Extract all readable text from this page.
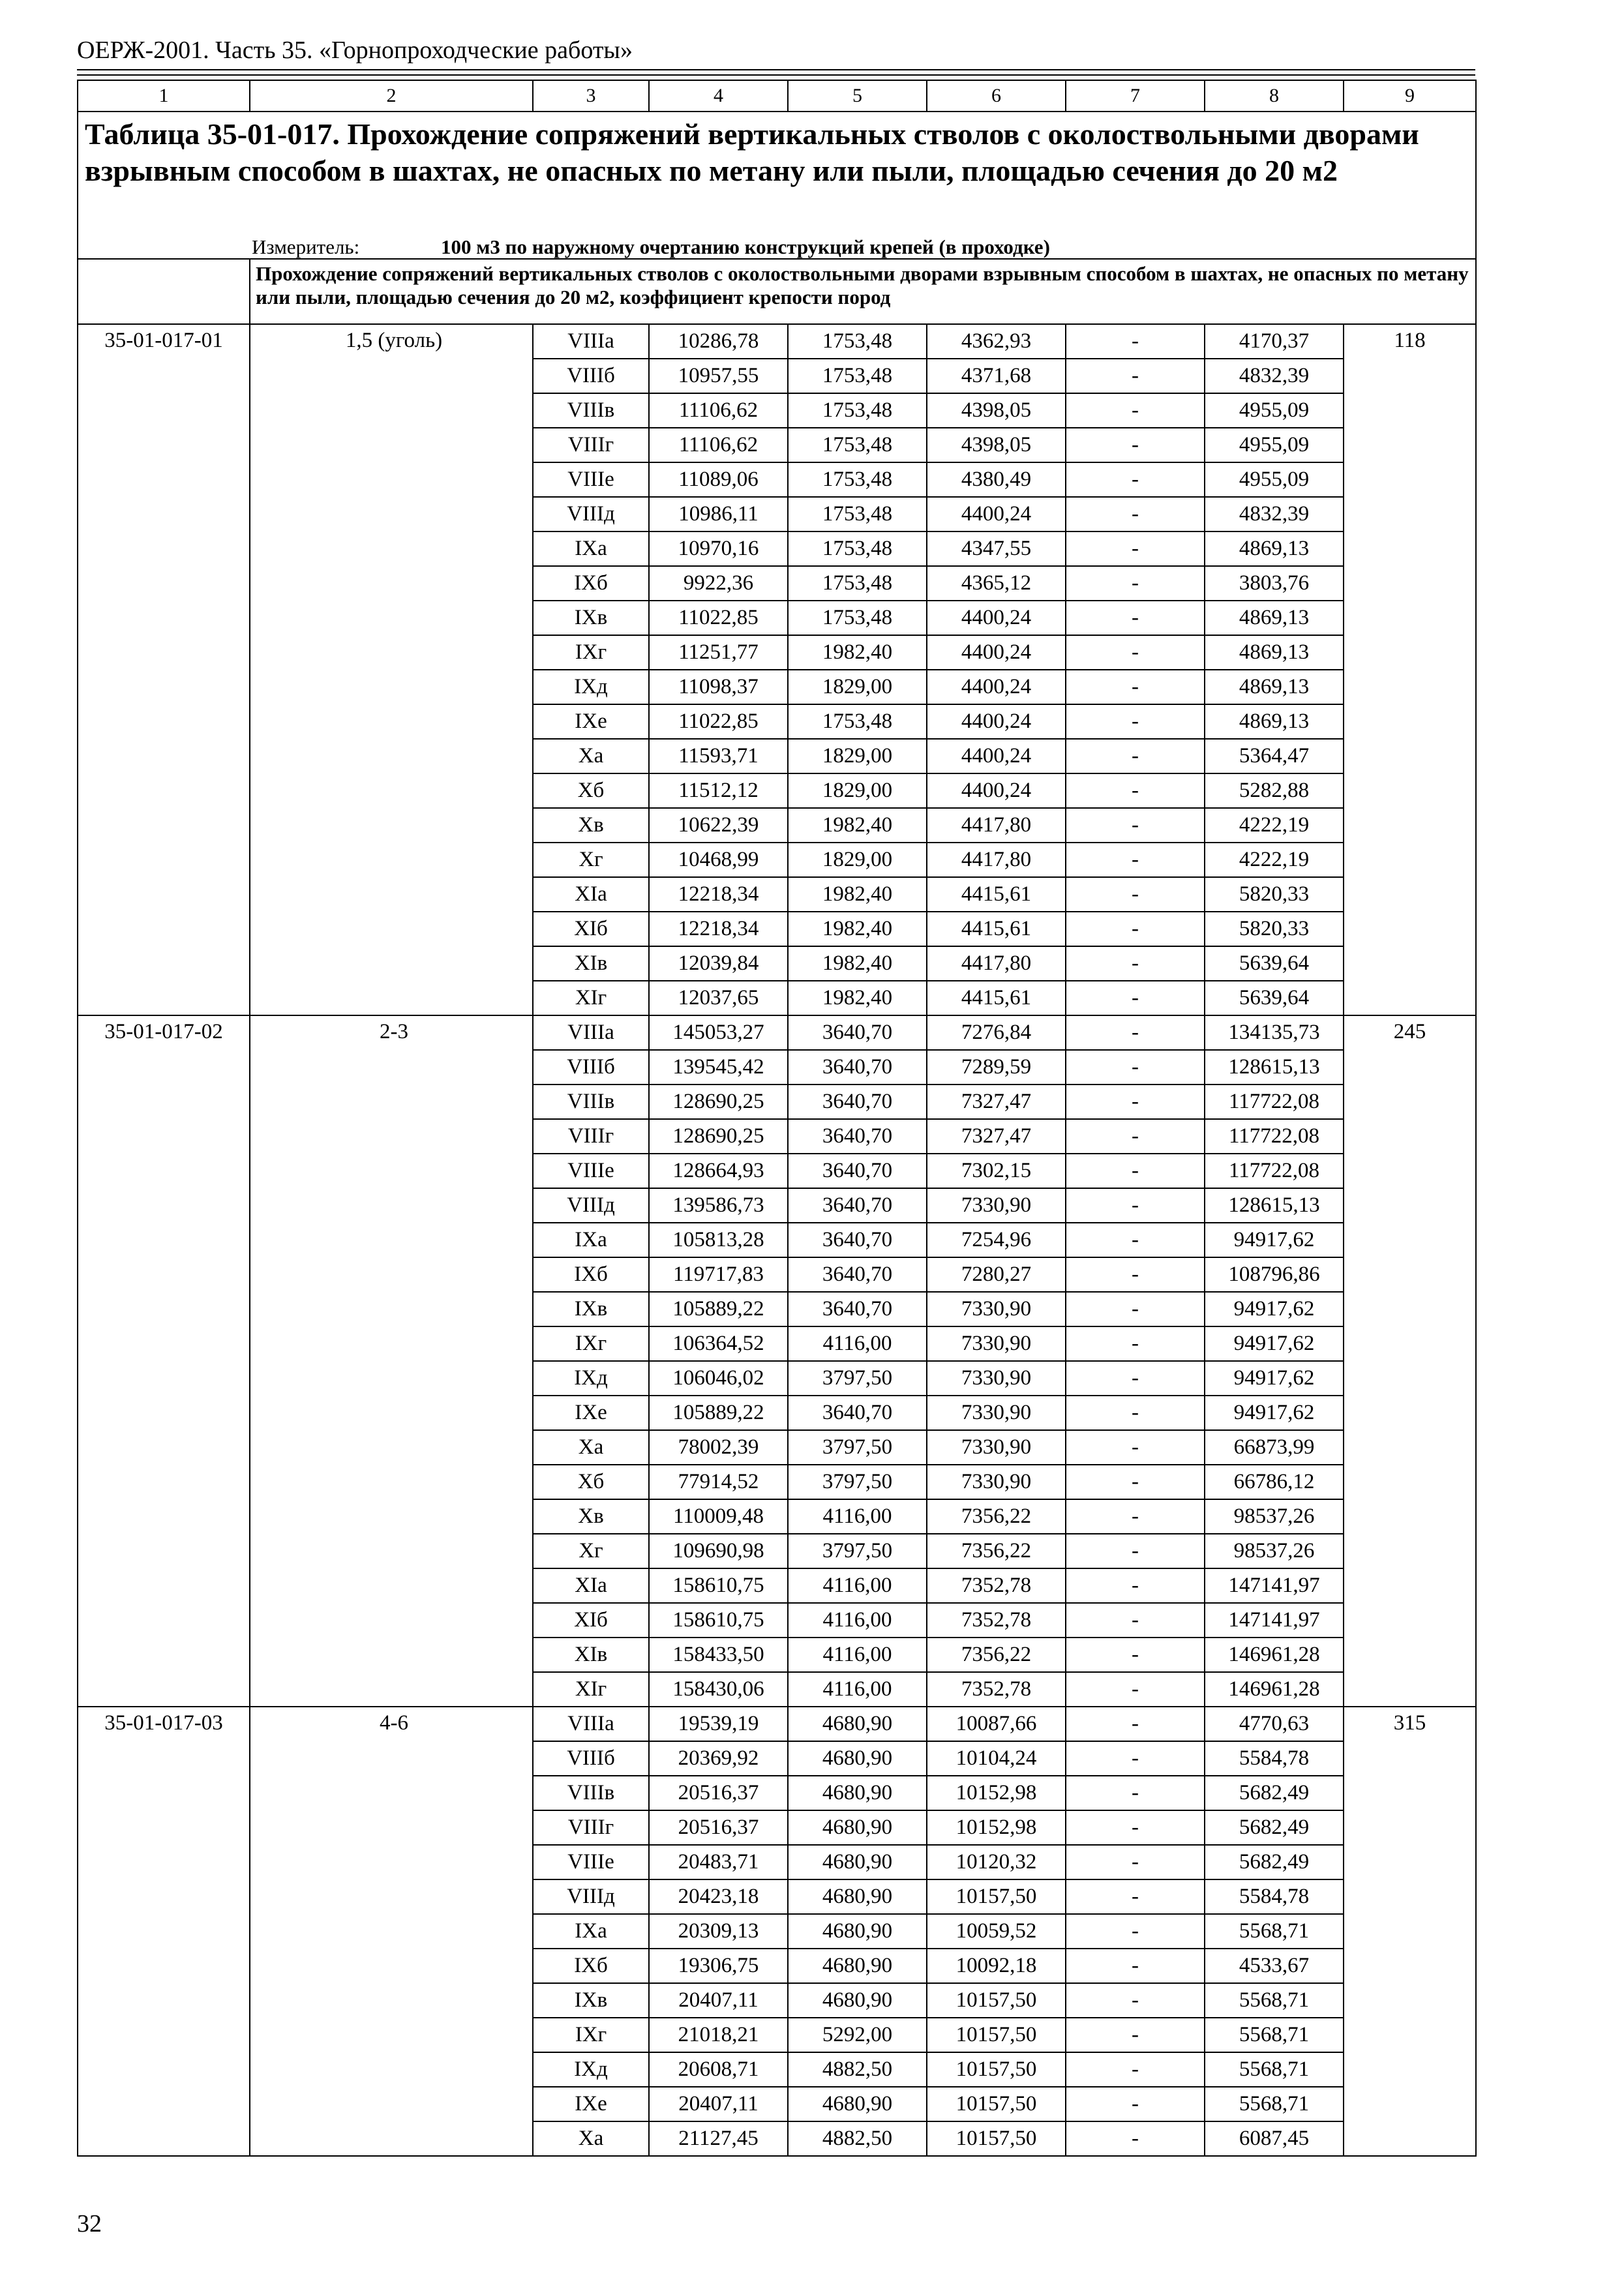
ОЕРЖ-2001. Часть 35. «Горнопроходческие работы»
1	2	3	4	5	6	7	8	9
Таблица 35-01-017. Прохождение сопряжений вертикальных стволов с околоствольными дворами взрывным способом в шахтах, не опасных по метану или пыли, площадью сечения до 20 м2								

Измеритель: 100 м3 по наружному очертанию конструкций крепей (в проходке)								

	Прохождение сопряжений вертикальных стволов с околоствольными дворами взрывным способом в шахтах, не опасных по метану или пыли, площадью сечения до 20 м2, коэффициент крепости пород							
35-01-017-01	1,5 (уголь)	VIIIа	10286,78	1753,48	4362,93	-	4170,37	118
		VIIIб	10957,55	1753,48	4371,68	-	4832,39	
		VIIIв	11106,62	1753,48	4398,05	-	4955,09	
		VIIIг	11106,62	1753,48	4398,05	-	4955,09	
		VIIIе	11089,06	1753,48	4380,49	-	4955,09	
		VIIIд	10986,11	1753,48	4400,24	-	4832,39	
		IXа	10970,16	1753,48	4347,55	-	4869,13	
		IXб	9922,36	1753,48	4365,12	-	3803,76	
		IXв	11022,85	1753,48	4400,24	-	4869,13	
		IXг	11251,77	1982,40	4400,24	-	4869,13	
		IXд	11098,37	1829,00	4400,24	-	4869,13	
		IXе	11022,85	1753,48	4400,24	-	4869,13	
		Xа	11593,71	1829,00	4400,24	-	5364,47	
		Xб	11512,12	1829,00	4400,24	-	5282,88	
		Xв	10622,39	1982,40	4417,80	-	4222,19	
		Xг	10468,99	1829,00	4417,80	-	4222,19	
		XIа	12218,34	1982,40	4415,61	-	5820,33	
		XIб	12218,34	1982,40	4415,61	-	5820,33	
		XIв	12039,84	1982,40	4417,80	-	5639,64	
		XIг	12037,65	1982,40	4415,61	-	5639,64	
35-01-017-02	2-3	VIIIа	145053,27	3640,70	7276,84	-	134135,73	245
		VIIIб	139545,42	3640,70	7289,59	-	128615,13	
		VIIIв	128690,25	3640,70	7327,47	-	117722,08	
		VIIIг	128690,25	3640,70	7327,47	-	117722,08	
		VIIIе	128664,93	3640,70	7302,15	-	117722,08	
		VIIIд	139586,73	3640,70	7330,90	-	128615,13	
		IXа	105813,28	3640,70	7254,96	-	94917,62	
		IXб	119717,83	3640,70	7280,27	-	108796,86	
		IXв	105889,22	3640,70	7330,90	-	94917,62	
		IXг	106364,52	4116,00	7330,90	-	94917,62	
		IXд	106046,02	3797,50	7330,90	-	94917,62	
		IXе	105889,22	3640,70	7330,90	-	94917,62	
		Xа	78002,39	3797,50	7330,90	-	66873,99	
		Xб	77914,52	3797,50	7330,90	-	66786,12	
		Xв	110009,48	4116,00	7356,22	-	98537,26	
		Xг	109690,98	3797,50	7356,22	-	98537,26	
		XIа	158610,75	4116,00	7352,78	-	147141,97	
		XIб	158610,75	4116,00	7352,78	-	147141,97	
		XIв	158433,50	4116,00	7356,22	-	146961,28	
		XIг	158430,06	4116,00	7352,78	-	146961,28	
35-01-017-03	4-6	VIIIа	19539,19	4680,90	10087,66	-	4770,63	315
		VIIIб	20369,92	4680,90	10104,24	-	5584,78	
		VIIIв	20516,37	4680,90	10152,98	-	5682,49	
		VIIIг	20516,37	4680,90	10152,98	-	5682,49	
		VIIIе	20483,71	4680,90	10120,32	-	5682,49	
		VIIIд	20423,18	4680,90	10157,50	-	5584,78	
		IXа	20309,13	4680,90	10059,52	-	5568,71	
		IXб	19306,75	4680,90	10092,18	-	4533,67	
		IXв	20407,11	4680,90	10157,50	-	5568,71	
		IXг	21018,21	5292,00	10157,50	-	5568,71	
		IXд	20608,71	4882,50	10157,50	-	5568,71	
		IXе	20407,11	4680,90	10157,50	-	5568,71	
		Xа	21127,45	4882,50	10157,50	-	6087,45	
32
